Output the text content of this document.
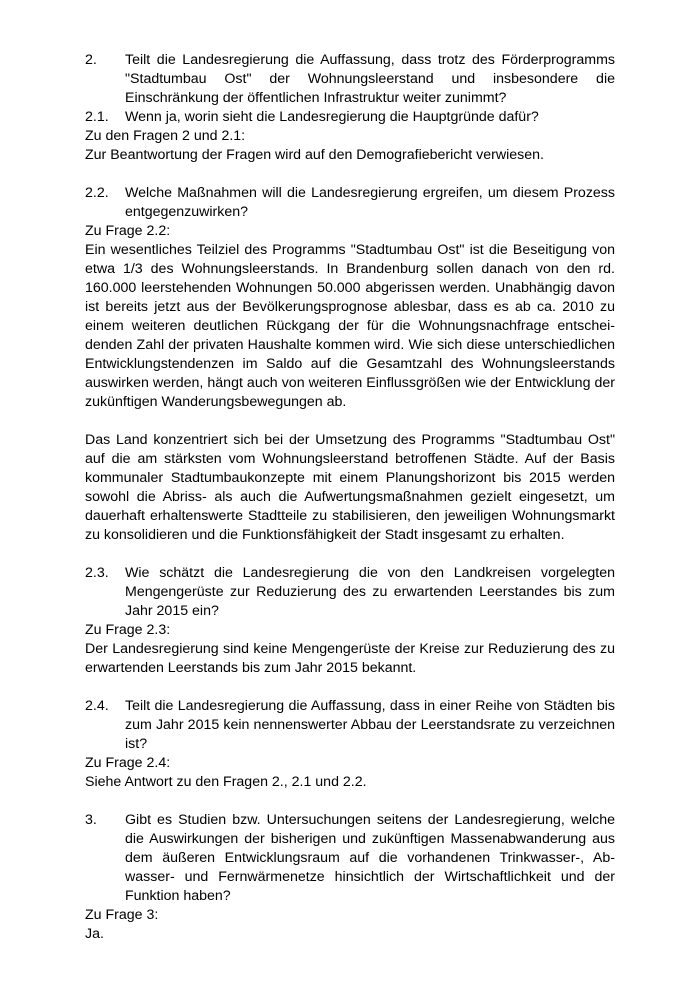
2.	Teilt die Landesregierung die Auffassung, dass trotz des Förderprogramms "Stadtumbau Ost" der Wohnungsleerstand und insbesondere die Einschränkung der öffentlichen Infrastruktur weiter zunimmt?
2.1.	Wenn ja, worin sieht die Landesregierung die Hauptgründe dafür?

Zu den Fragen 2 und 2.1:

Zur Beantwortung der Fragen wird auf den Demografiebericht verwiesen.

2.2.	Welche Maßnahmen will die Landesregierung ergreifen, um diesem Prozess entgegenzuwirken?

Zu Frage 2.2:

Ein wesentliches Teilziel des Programms "Stadtumbau Ost" ist die Beseitigung von etwa 1/3 des Wohnungsleerstands. In Brandenburg sollen danach von den rd. 160.000 leerstehenden Wohnungen 50.000 abgerissen werden. Unabhängig davon ist bereits jetzt aus der Bevölkerungsprognose ablesbar, dass es ab ca. 2010 zu einem weiteren deutlichen Rückgang der für die Wohnungsnachfrage entscheidenden Zahl der privaten Haushalte kommen wird. Wie sich diese unterschiedlichen Entwicklungstendenzen im Saldo auf die Gesamtzahl des Wohnungsleerstands auswirken werden, hängt auch von weiteren Einflussgrößen wie der Entwicklung der zukünftigen Wanderungsbewegungen ab.

Das Land konzentriert sich bei der Umsetzung des Programms "Stadtumbau Ost" auf die am stärksten vom Wohnungsleerstand betroffenen Städte. Auf der Basis kommunaler Stadtumbaukonzepte mit einem Planungshorizont bis 2015 werden sowohl die Abriss- als auch die Aufwertungsmaßnahmen gezielt eingesetzt, um dauerhaft erhaltenswerte Stadtteile zu stabilisieren, den jeweiligen Wohnungsmarkt zu konsolidieren und die Funktionsfähigkeit der Stadt insgesamt zu erhalten.

2.3.	Wie schätzt die Landesregierung die von den Landkreisen vorgelegten Mengengerüste zur Reduzierung des zu erwartenden Leerstandes bis zum Jahr 2015 ein?

Zu Frage 2.3:

Der Landesregierung sind keine Mengengerüste der Kreise zur Reduzierung des zu erwartenden Leerstands bis zum Jahr 2015 bekannt.

2.4.	Teilt die Landesregierung die Auffassung, dass in einer Reihe von Städten bis zum Jahr 2015 kein nennenswerter Abbau der Leerstandsrate zu verzeichnen ist?

Zu Frage 2.4:

Siehe Antwort zu den Fragen 2., 2.1 und 2.2.

3.	Gibt es Studien bzw. Untersuchungen seitens der Landesregierung, welche die Auswirkungen der bisherigen und zukünftigen Massenabwanderung aus dem äußeren Entwicklungsraum auf die vorhandenen Trinkwasser-, Abwasser- und Fernwärmenetze hinsichtlich der Wirtschaftlichkeit und der Funktion haben?

Zu Frage 3:

Ja.
